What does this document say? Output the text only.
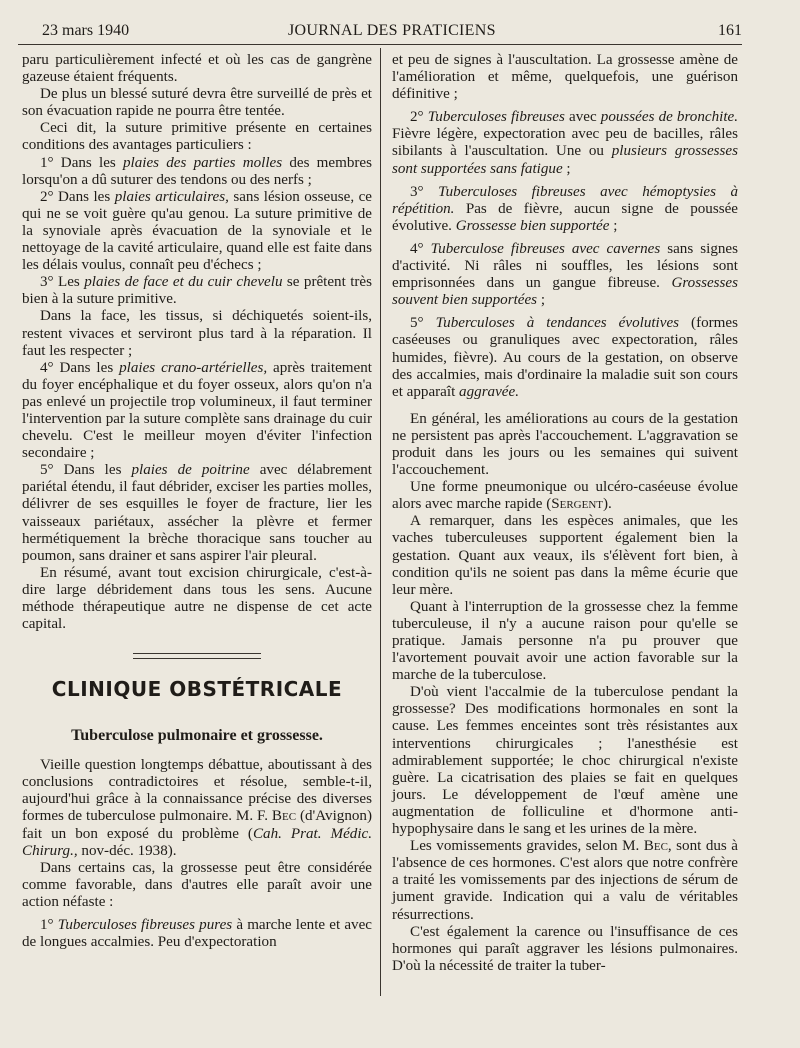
23 mars 1940	JOURNAL DES PRATICIENS	161

paru particulièrement infecté et où les cas de gangrène gazeuse étaient fréquents.

De plus un blessé suturé devra être surveillé de près et son évacuation rapide ne pourra être tentée.

Ceci dit, la suture primitive présente en certaines conditions des avantages particuliers :

1° Dans les plaies des parties molles des membres lorsqu'on a dû suturer des tendons ou des nerfs ;

2° Dans les plaies articulaires, sans lésion osseuse, ce qui ne se voit guère qu'au genou. La suture primitive de la synoviale après évacuation de la synoviale et le nettoyage de la cavité articulaire, quand elle est faite dans les délais voulus, connaît peu d'échecs ;

3° Les plaies de face et du cuir chevelu se prêtent très bien à la suture primitive.

Dans la face, les tissus, si déchiquetés soient-ils, restent vivaces et serviront plus tard à la réparation. Il faut les respecter ;

4° Dans les plaies crano-artérielles, après traitement du foyer encéphalique et du foyer osseux, alors qu'on n'a pas enlevé un projectile trop volumineux, il faut terminer l'intervention par la suture complète sans drainage du cuir chevelu. C'est le meilleur moyen d'éviter l'infection secondaire ;

5° Dans les plaies de poitrine avec délabrement pariétal étendu, il faut débrider, exciser les parties molles, délivrer de ses esquilles le foyer de fracture, lier les vaisseaux pariétaux, assécher la plèvre et fermer hermétiquement la brèche thoracique sans toucher au poumon, sans drainer et sans aspirer l'air pleural.

En résumé, avant tout excision chirurgicale, c'est-à-dire large débridement dans tous les sens. Aucune méthode thérapeutique autre ne dispense de cet acte capital.

CLINIQUE OBSTÉTRICALE
Tuberculose pulmonaire et grossesse.

Vieille question longtemps débattue, aboutissant à des conclusions contradictoires et résolue, semble-t-il, aujourd'hui grâce à la connaissance précise des diverses formes de tuberculose pulmonaire. M. F. Bec (d'Avignon) fait un bon exposé du problème (Cah. Prat. Médic. Chirurg., nov-déc. 1938).

Dans certains cas, la grossesse peut être considérée comme favorable, dans d'autres elle paraît avoir une action néfaste :

1° Tuberculoses fibreuses pures à marche lente et avec de longues accalmies. Peu d'expectoration

et peu de signes à l'auscultation. La grossesse amène de l'amélioration et même, quelquefois, une guérison définitive ;

2° Tuberculoses fibreuses avec poussées de bronchite. Fièvre légère, expectoration avec peu de bacilles, râles sibilants à l'auscultation. Une ou plusieurs grossesses sont supportées sans fatigue ;

3° Tuberculoses fibreuses avec hémoptysies à répétition. Pas de fièvre, aucun signe de poussée évolutive. Grossesse bien supportée ;

4° Tuberculose fibreuses avec cavernes sans signes d'activité. Ni râles ni souffles, les lésions sont emprisonnées dans un gangue fibreuse. Grossesses souvent bien supportées ;

5° Tuberculoses à tendances évolutives (formes caséeuses ou granuliques avec expectoration, râles humides, fièvre). Au cours de la gestation, on observe des accalmies, mais d'ordinaire la maladie suit son cours et apparaît aggravée.

En général, les améliorations au cours de la gestation ne persistent pas après l'accouchement. L'aggravation se produit dans les jours ou les semaines qui suivent l'accouchement.

Une forme pneumonique ou ulcéro-caséeuse évolue alors avec marche rapide (Sergent).

A remarquer, dans les espèces animales, que les vaches tuberculeuses supportent également bien la gestation. Quant aux veaux, ils s'élèvent fort bien, à condition qu'ils ne soient pas dans la même écurie que leur mère.

Quant à l'interruption de la grossesse chez la femme tuberculeuse, il n'y a aucune raison pour qu'elle se pratique. Jamais personne n'a pu prouver que l'avortement pouvait avoir une action favorable sur la marche de la tuberculose.

D'où vient l'accalmie de la tuberculose pendant la grossesse? Des modifications hormonales en sont la cause. Les femmes enceintes sont très résistantes aux interventions chirurgicales ; l'anesthésie est admirablement supportée; le choc chirurgical n'existe guère. La cicatrisation des plaies se fait en quelques jours. Le développement de l'œuf amène une augmentation de folliculine et d'hormone anti-hypophysaire dans le sang et les urines de la mère.

Les vomissements gravides, selon M. Bec, sont dus à l'absence de ces hormones. C'est alors que notre confrère a traité les vomissements par des injections de sérum de jument gravide. Indication qui a valu de véritables résurrections.

C'est également la carence ou l'insuffisance de ces hormones qui paraît aggraver les lésions pulmonaires. D'où la nécessité de traiter la tuber-
